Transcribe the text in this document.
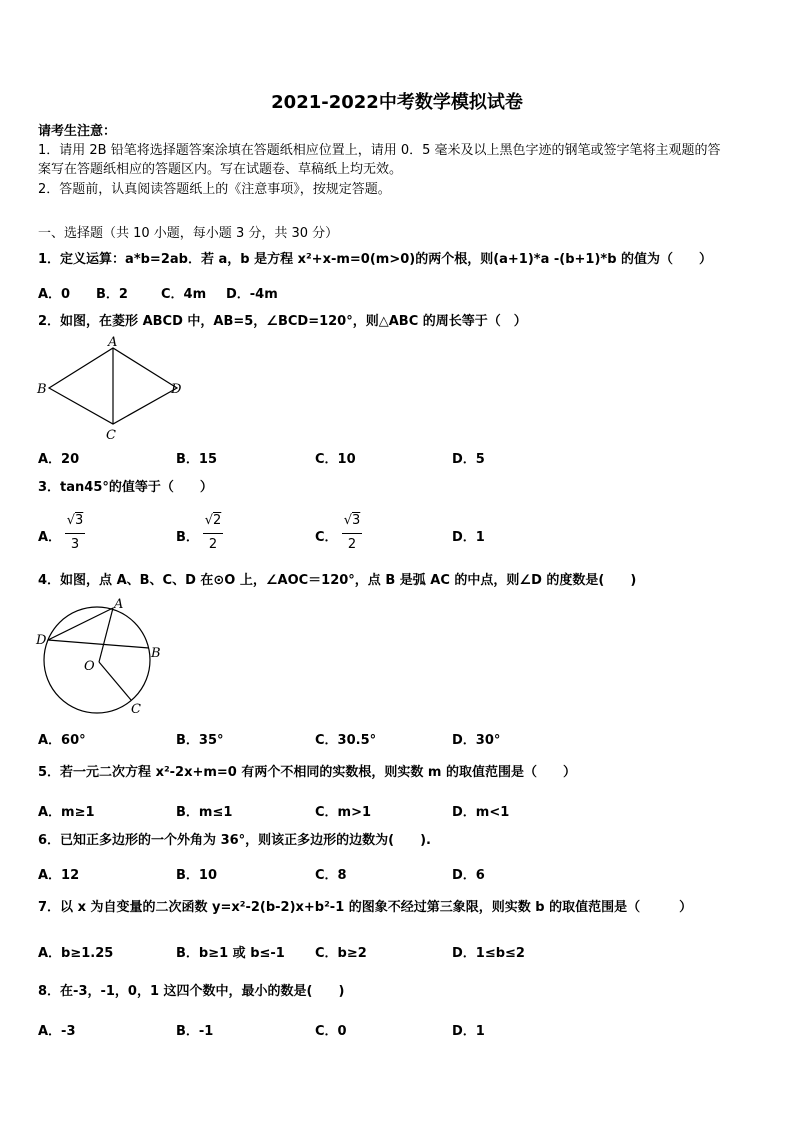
2021-2022中考数学模拟试卷
请考生注意：
1．请用 2B 铅笔将选择题答案涂填在答题纸相应位置上，请用 0．5 毫米及以上黑色字迹的钢笔或签字笔将主观题的答
案写在答题纸相应的答题区内。写在试题卷、草稿纸上均无效。
2．答题前，认真阅读答题纸上的《注意事项》，按规定答题。
一、选择题（共 10 小题，每小题 3 分，共 30 分）
1．定义运算：a*b=2ab．若 a，b 是方程 x²+x-m=0(m>0)的两个根，则(a+1)*a -(b+1)*b 的值为（　　）
A．0 B．2	C．4m D．-4m
2．如图，在菱形 ABCD 中，AB=5，∠BCD=120°，则△ABC 的周长等于（　）
A
B
C
D
A．20	B．15	C．10	D．5
3．tan45°的值等于（　　）
A．
√3
3	B．
√2
2	C．
√3
2	D．1
4．如图，点 A、B、C、D 在⊙O 上，∠AOC＝120°，点 B 是弧 AC 的中点，则∠D 的度数是(　　)
A
B
C
D
O
A．60°	B．35°	C．30.5°	D．30°
5．若一元二次方程 x²-2x+m=0 有两个不相同的实数根，则实数 m 的取值范围是（　　）
A．m≥1	B．m≤1	C．m>1	D．m<1
6．已知正多边形的一个外角为 36°，则该正多边形的边数为(　　).
A．12	B．10	C．8	D．6
7．以 x 为自变量的二次函数 y=x²-2(b-2)x+b²-1 的图象不经过第三象限，则实数 b 的取值范围是（　　　）
A．b≥1.25	B．b≥1 或 b≤-1 C．b≥2	D．1≤b≤2
8．在-3，-1，0，1 这四个数中，最小的数是(　　)
A．-3	B．-1	C．0	D．1
